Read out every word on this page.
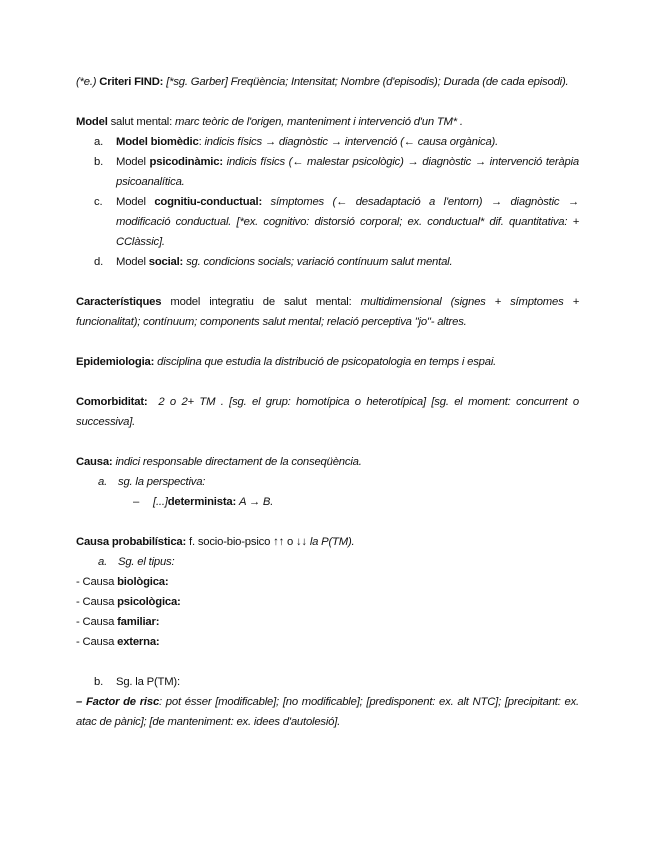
(*e.) Criteri FIND: [*sg. Garber] Freqüència; Intensitat; Nombre (d'episodis); Durada (de cada episodi).

Model salut mental: marc teòric de l'origen, manteniment i intervenció d'un TM* .

a. Model biomèdic: indicis físics → diagnòstic → intervenció (← causa orgànica).
b. Model psicodinàmic: indicis físics (← malestar psicològic) → diagnòstic → intervenció teràpia psicoanalítica.
c. Model cognitiu-conductual: símptomes (← desadaptació a l'entorn) → diagnòstic → modificació conductual. [*ex. cognitivo: distorsió corporal; ex. conductual* dif. quantitativa: + CClàssic].
d. Model social: sg. condicions socials; variació contínuum salut mental.

Característiques model integratiu de salut mental: multidimensional (signes + símptomes + funcionalitat); contínuum; components salut mental; relació perceptiva "jo"- altres.

Epidemiologia: disciplina que estudia la distribució de psicopatologia en temps i espai.

Comorbiditat: 2 o 2+ TM . [sg. el grup: homotípica o heterotípica] [sg. el moment: concurrent o successiva].

Causa: indici responsable directament de la conseqüència.

a. sg. la perspectiva:

– [...]determinista: A → B.

Causa probabilística: f. socio-bio-psico ↑↑ o ↓↓ la P(TM).

a. Sg. el tipus:

- Causa biològica:

- Causa psicològica:

- Causa familiar:

- Causa externa:

b. Sg. la P(TM):

– Factor de risc: pot ésser [modificable]; [no modificable]; [predisponent: ex. alt NTC]; [precipitant: ex. atac de pànic]; [de manteniment: ex. idees d'autolesió].
